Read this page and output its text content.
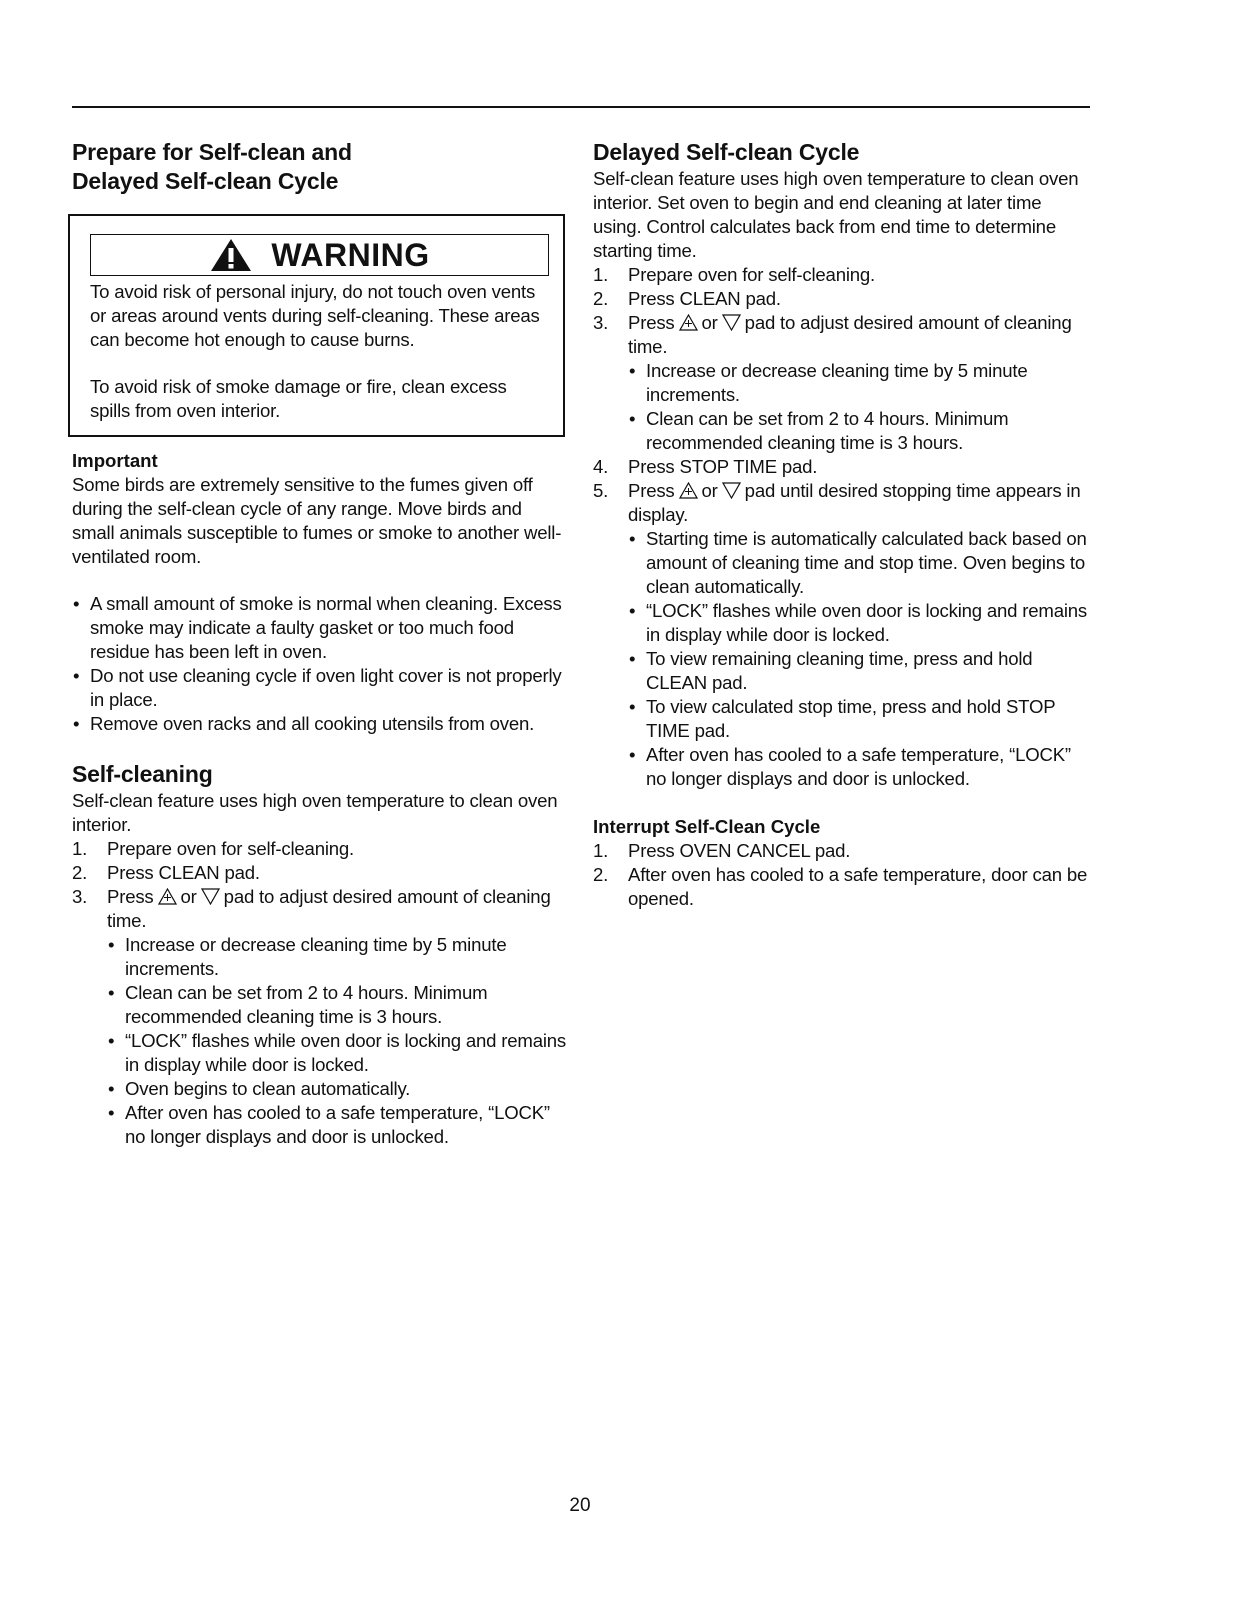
Prepare for Self-clean and
Delayed Self-clean Cycle
WARNING

To avoid risk of personal injury, do not touch oven vents or areas around vents during self-cleaning. These areas can become hot enough to cause burns.

To avoid risk of smoke damage or fire, clean excess spills from oven interior.

Important

Some birds are extremely sensitive to the fumes given off during the self-clean cycle of any range. Move birds and small animals susceptible to fumes or smoke to another well-ventilated room.
• A small amount of smoke is normal when cleaning. Excess smoke may indicate a faulty gasket or too much food residue has been left in oven.
• Do not use cleaning cycle if oven light cover is not properly in place.
• Remove oven racks and all cooking utensils from oven.
Self-cleaning
Self-clean feature uses high oven temperature to clean oven interior.
1. Prepare oven for self-cleaning.
2. Press CLEAN pad.
3. Press or pad to adjust desired amount of cleaning time.
• Increase or decrease cleaning time by 5 minute increments.
• Clean can be set from 2 to 4 hours. Minimum recommended cleaning time is 3 hours.
• “LOCK” flashes while oven door is locking and remains in display while door is locked.
• Oven begins to clean automatically.
• After oven has cooled to a safe temperature, “LOCK” no longer displays and door is unlocked.
Delayed Self-clean Cycle
Self-clean feature uses high oven temperature to clean oven interior. Set oven to begin and end cleaning at later time using. Control calculates back from end time to determine starting time.
1. Prepare oven for self-cleaning.
2. Press CLEAN pad.
3. Press or pad to adjust desired amount of cleaning time.
• Increase or decrease cleaning time by 5 minute increments.
• Clean can be set from 2 to 4 hours. Minimum recommended cleaning time is 3 hours.
4. Press STOP TIME pad.
5. Press or pad until desired stopping time appears in display.
• Starting time is automatically calculated back based on amount of cleaning time and stop time. Oven begins to clean automatically.
• “LOCK” flashes while oven door is locking and remains in display while door is locked.
• To view remaining cleaning time, press and hold CLEAN pad.
• To view calculated stop time, press and hold STOP TIME pad.
• After oven has cooled to a safe temperature, “LOCK” no longer displays and door is unlocked.

Interrupt Self-Clean Cycle

1. Press OVEN CANCEL pad.
2. After oven has cooled to a safe temperature, door can be opened.
20
